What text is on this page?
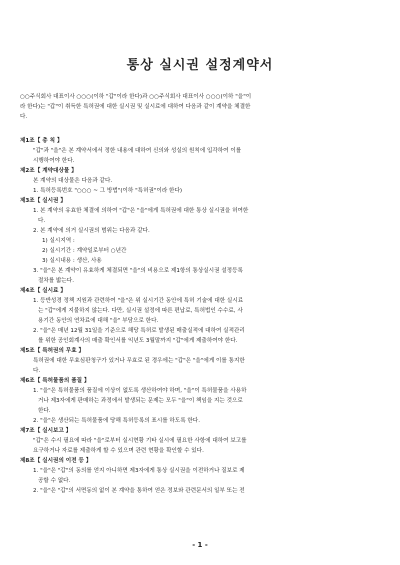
통상 실시권 설정계약서
○○주식회사 대표이사 ○○○(이하 "갑"이라 한다)과 ○○주식회사 대표이사 ○○○(이하 "을"이
라 한다)는 "갑"이 취득한 특허권에 대한 실시권 및 실시료에 대하여 다음과 같이 계약을 체결한
다.
제1조【 총 칙 】
"갑"과 "을"은 본 계약서에서 정한 내용에 대하여 신의와 성실의 원칙에 입각하여 이를
시행하여야 한다.
제2조【 계약대상물 】
본 계약의 대상물은 다음과 같다.
1. 특허등록번호 "○○○ ~ 그 방법"(이하 "특허권"이라 한다)
제3조【 실시권 】
1. 본 계약의 유효한 체결에 의하여 "갑"은 "을"에게 특허권에 대한 통상 실시권을 허여한
다.
2. 본 계약에 의거 실시권의 범위는 다음과 같다.
1) 실시지역 :
2) 실시기간 : 계약일로부터 ○년간
3) 실시내용 : 생산, 사용
3. "을"은 본 계약이 유효하게 체결되면 "을"의 비용으로 제1항의 통상실시권 설정등록
절차를 밟는다.
제4조【 실시료 】
1. 등반성경 정책 지원과 관련하여 "을"은 위 실시기간 동안에 특허 기술에 대한 실시료
는 "갑"에게 지불하지 않는다. 다만, 실시권 설정에 따른 편납료, 특허법인 수수료, 사
용기간 동안의 연차료에 대해 "을" 부담으로 한다.
2. "을"은 매년 12월 31일을 기준으로 해당 특허로 발생된 매출실적에 대하여 실적관리
를 위한 공인회계사의 매출 확인서를 익년도 3월말까지 "갑"에게 제출하여야 한다.
제5조【 특허권의 무효 】
특허권에 대한 무효심판청구가 있거나 무효로 된 경우에는 "갑"은 "을"에게 이를 통지한
다.
제6조【 특허물품의 품질 】
1. "을"은 특허물품의 품질에 이상이 없도록 생산하여야 하며, "을"이 특허물품을 사용하
거나 제3자에게 판매하는 과정에서 발생되는 문제는 모두 "을"이 책임을 지는 것으로
한다.
2. "을"은 생산되는 특허물품에 당해 특허등록의 표시를 하도록 한다.
제7조【 실시보고 】
"갑"은 수시 필요에 따라 "을"로부터 실시현황 기타 실시에 필요한 사항에 대하여 보고를
요구하거나 자료를 제출하게 할 수 있으며 관련 현황을 확인할 수 있다.
제8조【 실시권의 이전 등 】
1. "을"은 "갑"의 동의를 얻지 아니하면 제3자에게 통상 실시권을 이전하거나 질보로 제
공할 수 없다.
2. "을"은 "갑"의 서면동의 없이 본 계약을 통하여 얻은 정보와 관련문서의 일부 또는 전
- 1 -
